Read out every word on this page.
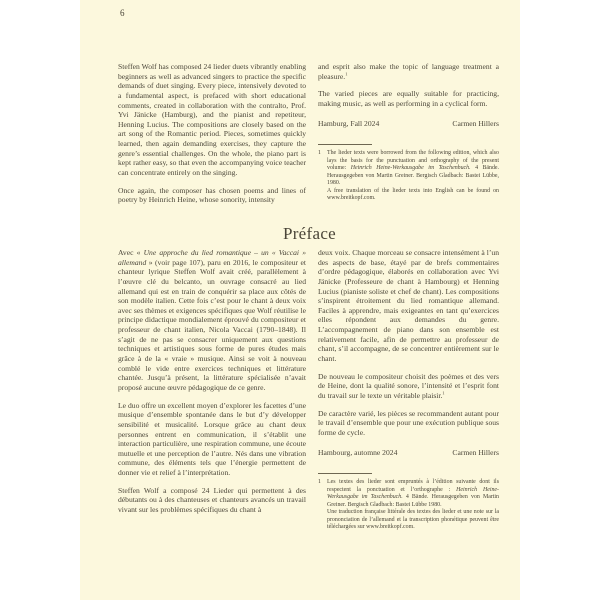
6

Steffen Wolf has composed 24 lieder duets vibrantly enabling beginners as well as advanced singers to practice the specific demands of duet singing. Every piece, intensively devoted to a fundamental aspect, is prefaced with short educational comments, created in collaboration with the contralto, Prof. Yvi Jänicke (Hamburg), and the pianist and repetiteur, Henning Lucius. The compositions are closely based on the art song of the Romantic period. Pieces, sometimes quickly learned, then again demanding exercises, they capture the genre’s essential challenges. On the whole, the piano part is kept rather easy, so that even the accompanying voice teacher can concentrate entirely on the singing.

Once again, the composer has chosen poems and lines of poetry by Heinrich Heine, whose sonority, intensity

and esprit also make the topic of language treatment a pleasure.$^1$

The varied pieces are equally suitable for practicing, making music, as well as performing in a cyclical form.

Hamburg, Fall 2024	Carmen Hillers
1 The lieder texts were borrowed from the following edition, which also lays the basis for the punctuation and orthography of the present volume: Heinrich Heine-Werkausgabe im Taschenbuch. 4 Bände. Herausgegeben von Martin Greiner. Bergisch Gladbach: Bastei Lübbe, 1980.
A free translation of the lieder texts into English can be found on www.breitkopf.com.
Préface

Avec « Une approche du lied romantique – un « Vaccai » allemand » (voir page 107), paru en 2016, le compositeur et chanteur lyrique Steffen Wolf avait créé, parallèlement à l’œuvre clé du belcanto, un ouvrage consacré au lied allemand qui est en train de conquérir sa place aux côtés de son modèle italien. Cette fois c’est pour le chant à deux voix avec ses thèmes et exigences spécifiques que Wolf réutilise le principe didactique mondialement éprouvé du compositeur et professeur de chant italien, Nicola Vaccai (1790–1848). Il s’agit de ne pas se consacrer uniquement aux questions techniques et artistiques sous forme de pures études mais grâce à de la « vraie » musique. Ainsi se voit à nouveau comblé le vide entre exercices techniques et littérature chantée. Jusqu’à présent, la littérature spécialisée n’avait proposé aucune œuvre pédagogique de ce genre.

Le duo offre un excellent moyen d’explorer les facettes d’une musique d’ensemble spontanée dans le but d’y développer sensibilité et musicalité. Lorsque grâce au chant deux personnes entrent en communication, il s’établit une interaction particulière, une respiration commune, une écoute mutuelle et une perception de l’autre. Nés dans une vibration commune, des éléments tels que l’énergie permettent de donner vie et relief à l’interprétation.

Steffen Wolf a composé 24 Lieder qui permettent à des débutants ou à des chanteuses et chanteurs avancés un travail vivant sur les problèmes spécifiques du chant à

deux voix. Chaque morceau se consacre intensément à l’un des aspects de base, étayé par de brefs commentaires d’ordre pédagogique, élaborés en collaboration avec Yvi Jänicke (Professeure de chant à Hambourg) et Henning Lucius (pianiste soliste et chef de chant). Les compositions s’inspirent étroitement du lied romantique allemand. Faciles à apprendre, mais exigeantes en tant qu’exercices elles répondent aux demandes du genre. L’accompagnement de piano dans son ensemble est relativement facile, afin de permettre au professeur de chant, s’il accompagne, de se concentrer entièrement sur le chant.

De nouveau le compositeur choisit des poèmes et des vers de Heine, dont la qualité sonore, l’intensité et l’esprit font du travail sur le texte un véritable plaisir.$^1$

De caractère varié, les pièces se recommandent autant pour le travail d’ensemble que pour une exécution publique sous forme de cycle.

Hambourg, automne 2024	Carmen Hillers
1 Les textes des lieder sont empruntés à l’édition suivante dont ils respectent la ponctuation et l’orthographe : Heinrich Heine-Werkausgabe im Taschenbuch. 4 Bände. Herausgegeben von Martin Greiner. Bergisch Gladbach: Bastei Lübbe 1980.
Une traduction française littérale des textes des lieder et une note sur la prononciation de l’allemand et la transcription phonétique peuvent être téléchargées sur www.breitkopf.com.
